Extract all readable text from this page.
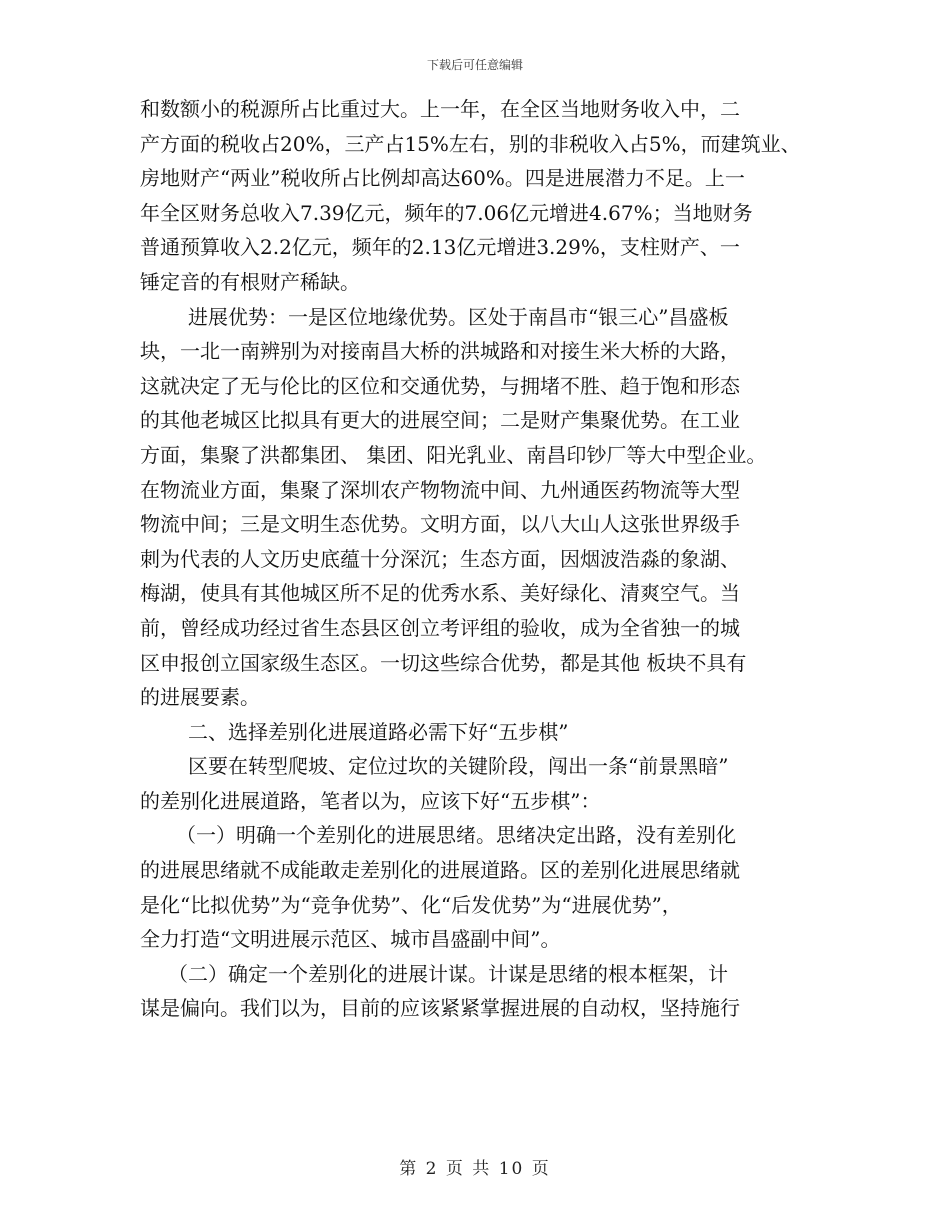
下载后可任意编辑
和数额小的税源所占比重过大。上一年，在全区当地财务收入中，二
产方面的税收占20%，三产占15%左右，别的非税收入占5%，而建筑业、
房地财产“两业”税收所占比例却高达60%。四是进展潜力不足。上一
年全区财务总收入7.39亿元，频年的7.06亿元增进4.67%；当地财务
普通预算收入2.2亿元，频年的2.13亿元增进3.29%，支柱财产、一
锤定音的有根财产稀缺。
进展优势：一是区位地缘优势。区处于南昌市“银三心”昌盛板
块，一北一南辨别为对接南昌大桥的洪城路和对接生米大桥的大路，
这就决定了无与伦比的区位和交通优势，与拥堵不胜、趋于饱和形态
的其他老城区比拟具有更大的进展空间；二是财产集聚优势。在工业
方面，集聚了洪都集团、 集团、阳光乳业、南昌印钞厂等大中型企业。
在物流业方面，集聚了深圳农产物物流中间、九州通医药物流等大型
物流中间；三是文明生态优势。文明方面，以八大山人这张世界级手
刺为代表的人文历史底蕴十分深沉；生态方面，因烟波浩淼的象湖、
梅湖，使具有其他城区所不足的优秀水系、美好绿化、清爽空气。当
前，曾经成功经过省生态县区创立考评组的验收，成为全省独一的城
区申报创立国家级生态区。一切这些综合优势，都是其他 板块不具有
的进展要素。
二、选择差别化进展道路必需下好“五步棋”
区要在转型爬坡、定位过坎的关键阶段，闯出一条“前景黑暗”
的差别化进展道路，笔者以为，应该下好“五步棋”：
（一）明确一个差别化的进展思绪。思绪决定出路，没有差别化
的进展思绪就不成能敢走差别化的进展道路。区的差别化进展思绪就
是化“比拟优势”为“竞争优势”、化“后发优势”为“进展优势”，
全力打造“文明进展示范区、城市昌盛副中间”。
（二）确定一个差别化的进展计谋。计谋是思绪的根本框架，计
谋是偏向。我们以为，目前的应该紧紧掌握进展的自动权，坚持施行
第 2 页 共 10 页
